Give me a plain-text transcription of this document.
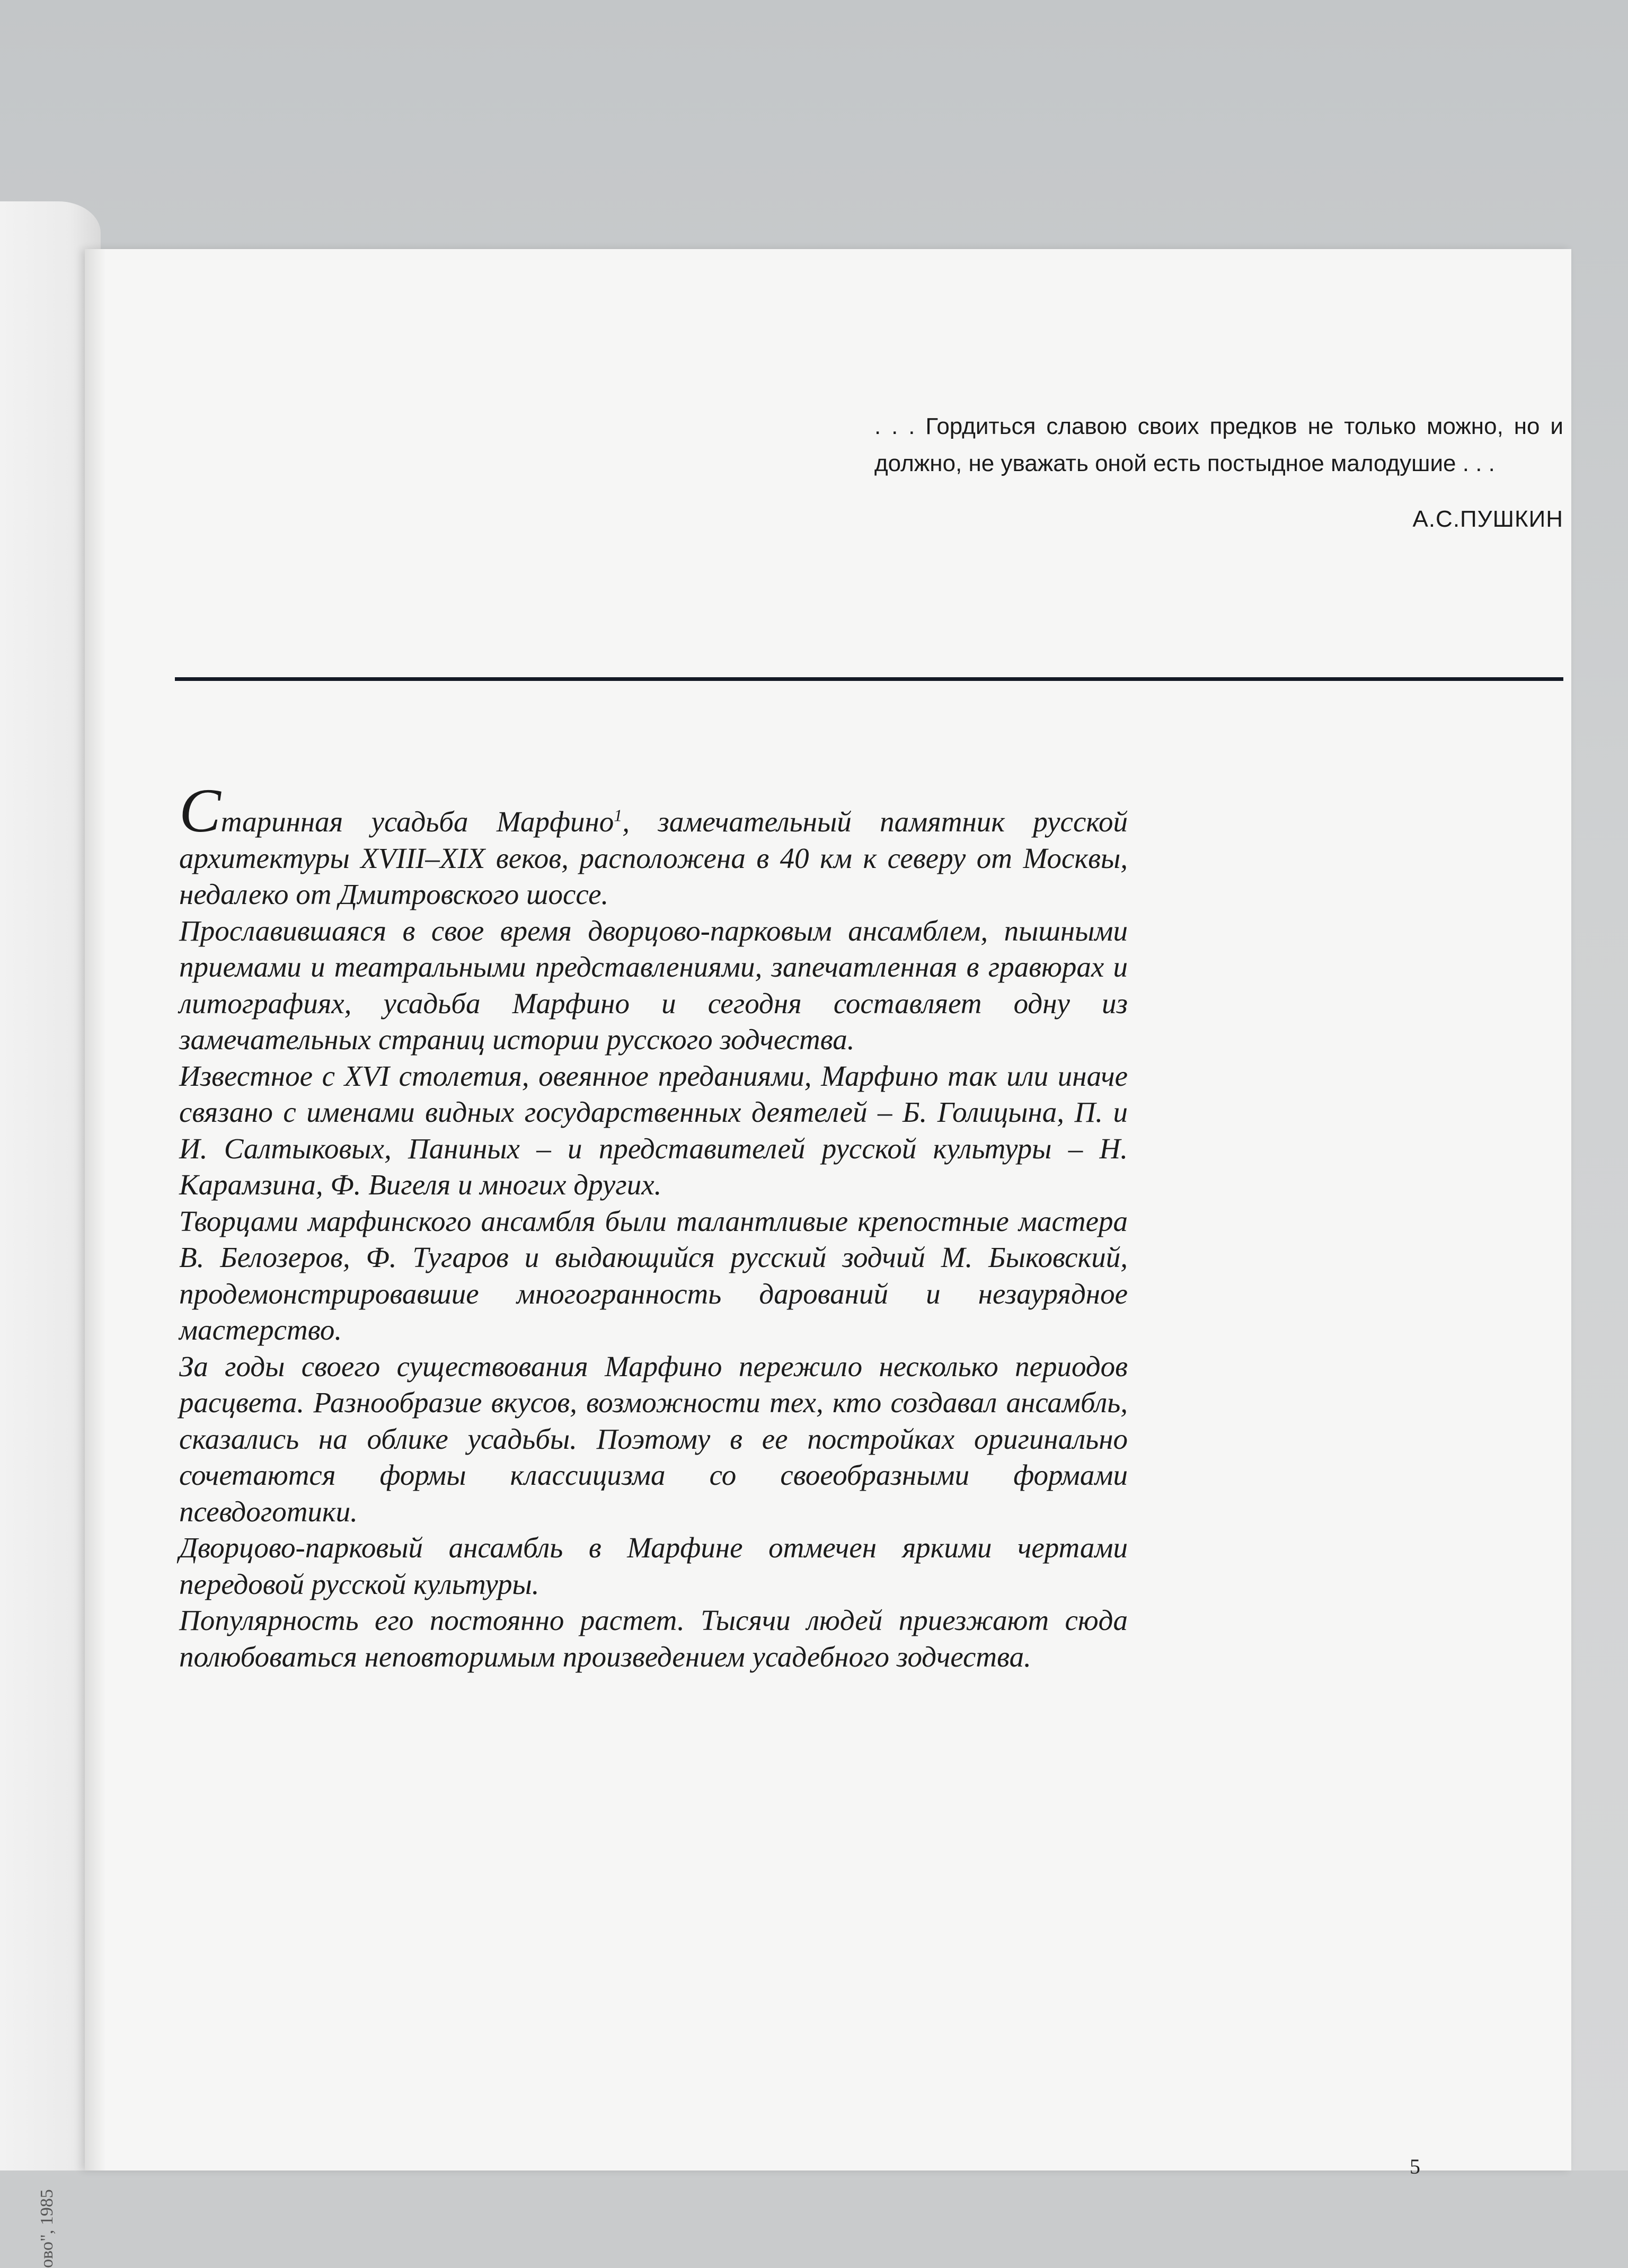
ово", 1985
. . . Гордиться славою своих предков не только можно, но и должно, не уважать оной есть постыдное малодушие . . .
А.С.ПУШКИН

Старинная усадьба Марфино$^1$, замечательный памятник русской архитектуры XVIII–XIX веков, расположена в 40 км к северу от Москвы, недалеко от Дмитровского шоссе.

Прославившаяся в свое время дворцово-парковым ансамблем, пышными приемами и театральными представлениями, запечатленная в гравюрах и литографиях, усадьба Марфино и сегодня составляет одну из замечательных страниц истории русского зодчества.

Известное с XVI столетия, овеянное преданиями, Марфино так или иначе связано с именами видных государственных деятелей – Б. Голицына, П. и И. Салтыковых, Паниных – и представителей русской культуры – Н. Карамзина, Ф. Вигеля и многих других.

Творцами марфинского ансамбля были талантливые крепостные мастера В. Белозеров, Ф. Тугаров и выдающийся русский зодчий М. Быковский, продемонстрировавшие многогранность дарований и незаурядное мастерство.

За годы своего существования Марфино пережило несколько периодов расцвета. Разнообразие вкусов, возможности тех, кто создавал ансамбль, сказались на облике усадьбы. Поэтому в ее постройках оригинально сочетаются формы классицизма со своеобразными формами псевдоготики.

Дворцово-парковый ансамбль в Марфине отмечен яркими чертами передовой русской культуры.

Популярность его постоянно растет. Тысячи людей приезжают сюда полюбоваться неповторимым произведением усадебного зодчества.

5
